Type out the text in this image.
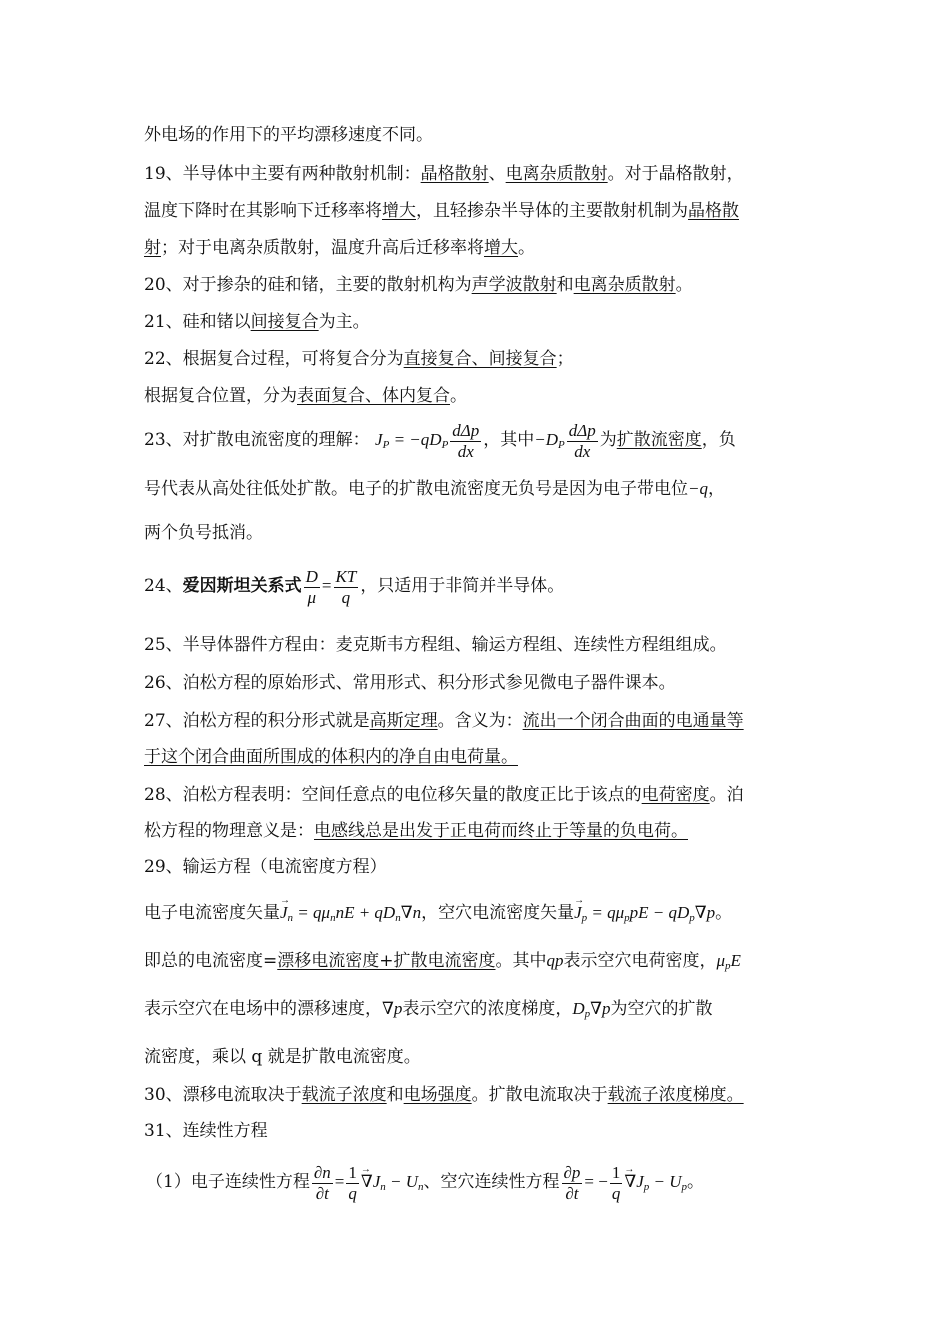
外电场的作用下的平均漂移速度不同。
19、半导体中主要有两种散射机制：晶格散射、电离杂质散射。对于晶格散射，
温度下降时在其影响下迁移率将增大，且轻掺杂半导体的主要散射机制为晶格散
射；对于电离杂质散射，温度升高后迁移率将增大。
20、对于掺杂的硅和锗，主要的散射机构为声学波散射和电离杂质散射。
21、硅和锗以间接复合为主。
22、根据复合过程，可将复合分为直接复合、间接复合；
根据复合位置，分为表面复合、体内复合。
23、对扩散电流密度的理解： $J_P = -qD_P \frac{\text{dΔp}}{dx}$ ，其中$-D_P \frac{\text{dΔp}}{dx}$ 为扩散流密度，负
号代表从高处往低处扩散。电子的扩散电流密度无负号是因为电子带电位−q，
两个负号抵消。
24、爱因斯坦关系式 $\frac{D}{\mu} = \frac{KT}{q}$ ，只适用于非简并半导体。
25、半导体器件方程由：麦克斯韦方程组、输运方程组、连续性方程组组成。
26、泊松方程的原始形式、常用形式、积分形式参见微电子器件课本。
27、泊松方程的积分形式就是高斯定理。含义为：流出一个闭合曲面的电通量等
于这个闭合曲面所围成的体积内的净自由电荷量。
28、泊松方程表明：空间任意点的电位移矢量的散度正比于该点的电荷密度。泊
松方程的物理意义是：电感线总是出发于正电荷而终止于等量的负电荷。
29、输运方程（电流密度方程）
电子电流密度矢量→ $J_n = q\mu_nnE + qD_n\nabla n$，空穴电流密度矢量→ $J_p = q\mu_ppE - qD_p\nabla p$。
即总的电流密度=漂移电流密度+扩散电流密度。其中qp表示空穴电荷密度，$\mu_pE$
表示空穴在电场中的漂移速度，∇p表示空穴的浓度梯度，$D_p\nabla p$为空穴的扩散
流密度，乘以 q 就是扩散电流密度。
30、漂移电流取决于载流子浓度和电场强度。扩散电流取决于载流子浓度梯度。
31、连续性方程
（1）电子连续性方程 $\frac{\partial n}{\partial t} = \frac{1}{q}$
→ $\nabla J_n - U_n$、空穴连续性方程 $\frac{\partial p}{\partial t}$ = − $\frac{1}{q}$
→ $\nabla J_p - U_p$。
